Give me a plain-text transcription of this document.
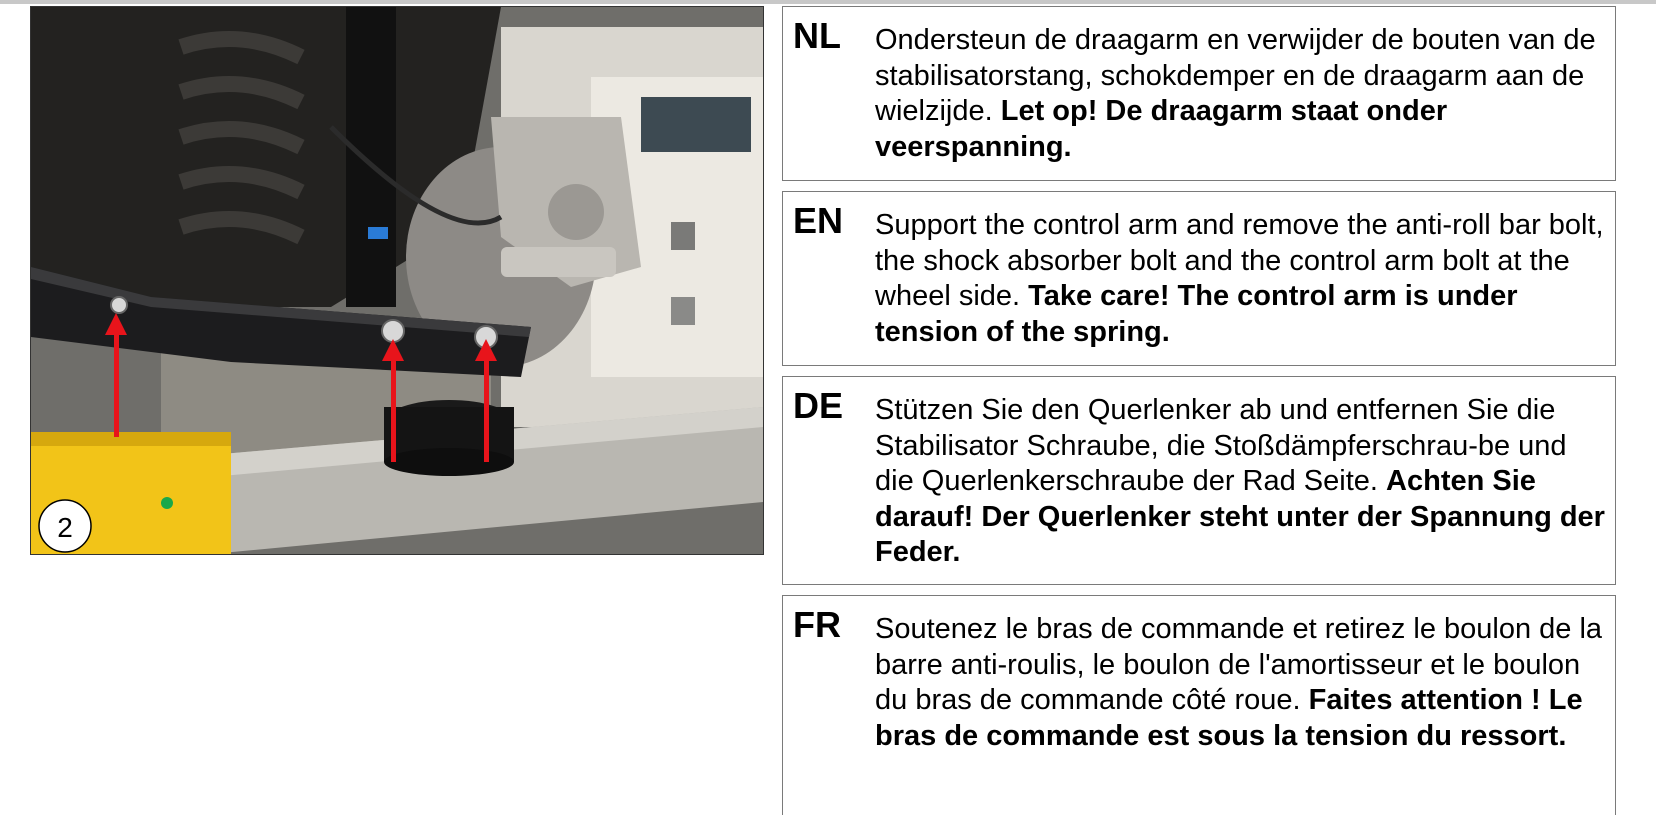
2
NL Ondersteun de draagarm en verwijder de bouten van de stabilisatorstang, schokdemper en de draagarm aan de wielzijde. Let op! De draagarm staat onder veerspanning.
EN Support the control arm and remove the anti-roll bar bolt, the shock absorber bolt and the control arm bolt at the wheel side. Take care! The control arm is under tension of the spring.
DE Stützen Sie den Querlenker ab und entfernen Sie die Stabilisator Schraube, die Stoßdämpferschrau-be und die Querlenkerschraube der Rad Seite. Achten Sie darauf! Der Querlenker steht unter der Spannung der Feder.
FR Soutenez le bras de commande et retirez le boulon de la barre anti-roulis, le boulon de l'amortisseur et le boulon du bras de commande côté roue. Faites attention ! Le bras de commande est sous la tension du ressort.
